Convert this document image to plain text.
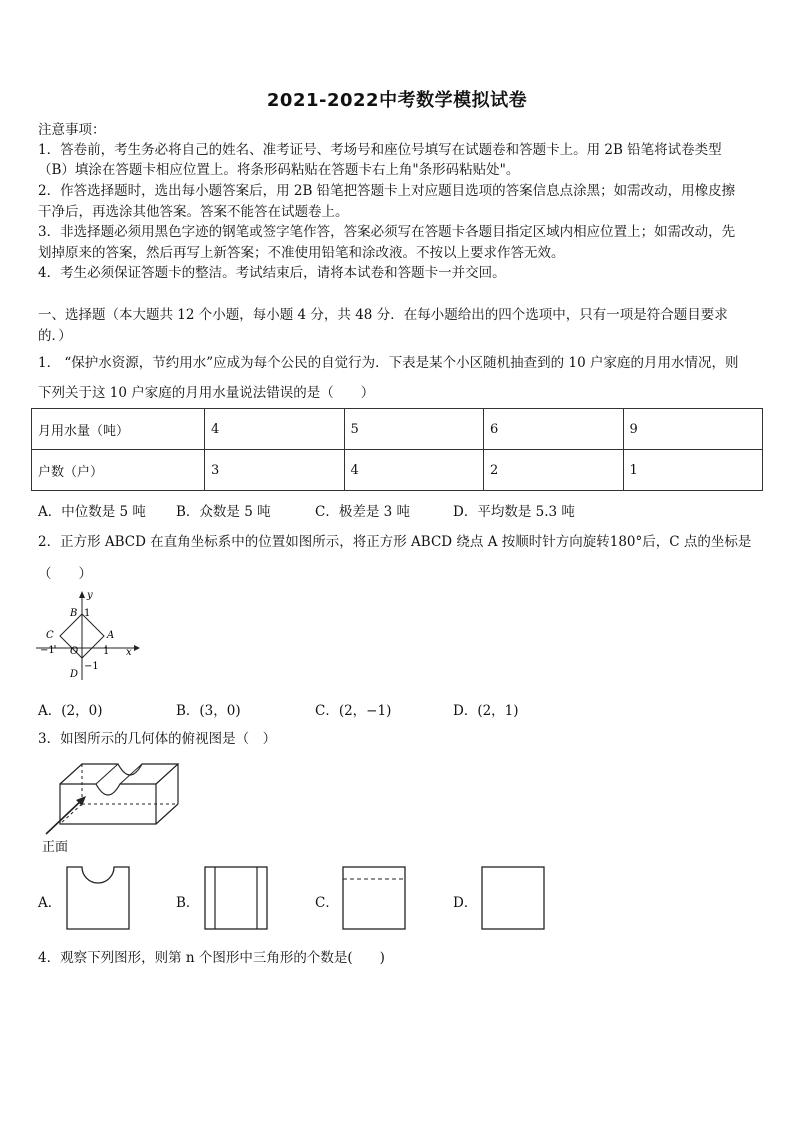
2021-2022中考数学模拟试卷
注意事项：
1．答卷前，考生务必将自己的姓名、准考证号、考场号和座位号填写在试题卷和答题卡上。用 2B 铅笔将试卷类型
（B）填涂在答题卡相应位置上。将条形码粘贴在答题卡右上角"条形码粘贴处"。
2．作答选择题时，选出每小题答案后，用 2B 铅笔把答题卡上对应题目选项的答案信息点涂黑；如需改动，用橡皮擦
干净后，再选涂其他答案。答案不能答在试题卷上。
3．非选择题必须用黑色字迹的钢笔或签字笔作答，答案必须写在答题卡各题目指定区域内相应位置上；如需改动，先
划掉原来的答案，然后再写上新答案；不准使用铅笔和涂改液。不按以上要求作答无效。
4．考生必须保证答题卡的整洁。考试结束后，请将本试卷和答题卡一并交回。
一、选择题（本大题共 12 个小题，每小题 4 分，共 48 分．在每小题给出的四个选项中，只有一项是符合题目要求
的．）
1． “保护水资源，节约用水”应成为每个公民的自觉行为．下表是某个小区随机抽查到的 10 户家庭的月用水情况，则
下列关于这 10 户家庭的月用水量说法错误的是（　　）
月用水量（吨）	4	5	6	9
户数（户）	3	4	2	1
A．中位数是 5 吨 B．众数是 5 吨	C．极差是 3 吨	D．平均数是 5.3 吨
2．正方形 ABCD 在直角坐标系中的位置如图所示，将正方形 ABCD 绕点 A 按顺时针方向旋转180°后，C 点的坐标是
（　　）
y
x
B 1
C	A
−1 O 1
−1
D
A．(2，0)	B．(3，0)	C．(2，−1)	D．(2，1)
3．如图所示的几何体的俯视图是（　）
正面
A．	B．	C．	D．
4．观察下列图形，则第 n 个图形中三角形的个数是(　　)
